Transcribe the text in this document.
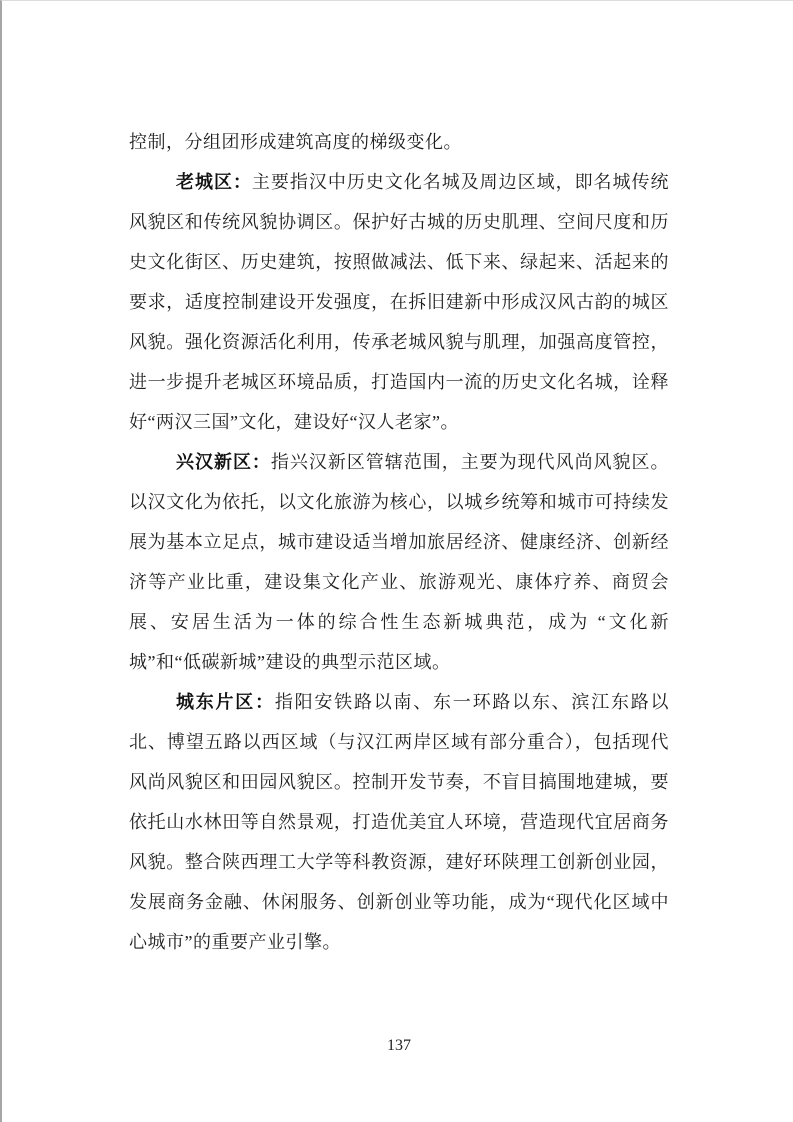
控制，分组团形成建筑高度的梯级变化。

老城区：主要指汉中历史文化名城及周边区域，即名城传统风貌区和传统风貌协调区。保护好古城的历史肌理、空间尺度和历史文化街区、历史建筑，按照做减法、低下来、绿起来、活起来的要求，适度控制建设开发强度，在拆旧建新中形成汉风古韵的城区风貌。强化资源活化利用，传承老城风貌与肌理，加强高度管控，进一步提升老城区环境品质，打造国内一流的历史文化名城，诠释好“两汉三国”文化，建设好“汉人老家”。

兴汉新区：指兴汉新区管辖范围，主要为现代风尚风貌区。以汉文化为依托，以文化旅游为核心，以城乡统筹和城市可持续发展为基本立足点，城市建设适当增加旅居经济、健康经济、创新经济等产业比重，建设集文化产业、旅游观光、康体疗养、商贸会展、安居生活为一体的综合性生态新城典范，成为 “文化新城”和“低碳新城”建设的典型示范区域。

城东片区：指阳安铁路以南、东一环路以东、滨江东路以北、博望五路以西区域（与汉江两岸区域有部分重合），包括现代风尚风貌区和田园风貌区。控制开发节奏，不盲目搞围地建城，要依托山水林田等自然景观，打造优美宜人环境，营造现代宜居商务风貌。整合陕西理工大学等科教资源，建好环陕理工创新创业园，发展商务金融、休闲服务、创新创业等功能，成为“现代化区域中心城市”的重要产业引擎。

137
